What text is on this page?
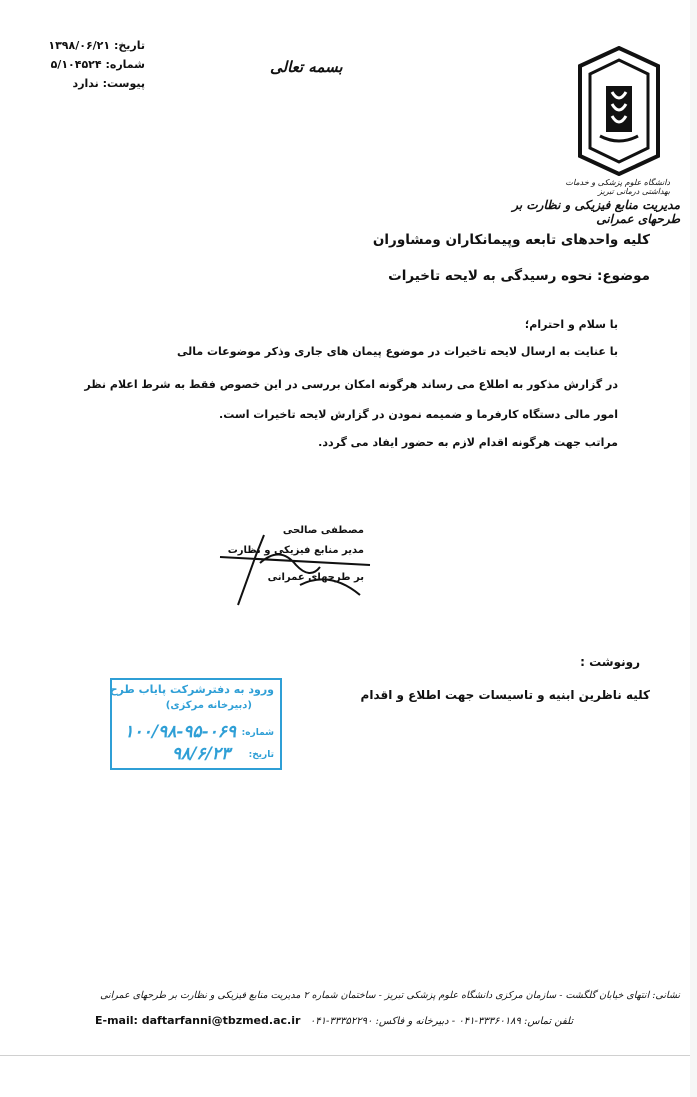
تاریخ: ۱۳۹۸/۰۶/۲۱
شماره: ۵/۱۰۴۵۲۴
پیوست: ندارد
بسمه تعالی
دانشگاه علوم پزشکی و خدمات بهداشتی درمانی تبریز
مدیریت منابع فیزیکی و نظارت بر طرحهای عمرانی
کلیه واحدهای تابعه وپیمانکاران ومشاوران
موضوع: نحوه رسیدگی به لایحه تاخیرات
با سلام و احترام؛
با عنایت به ارسال لایحه تاخیرات در موضوع پیمان های جاری وذکر موضوعات مالی
در گزارش مذکور به اطلاع می رساند هرگونه امکان بررسی در این خصوص فقط به شرط اعلام نظر
امور مالی دستگاه کارفرما و ضمیمه نمودن در گزارش لایحه تاخیرات است.
مراتب جهت هرگونه اقدام لازم به حضور ایفاد می گردد.
مصطفی صالحی
مدیر منابع فیزیکی و نظارت
بر طرحهای عمرانی
رونوشت :
کلیه ناظرین ابنیه و تاسیسات جهت اطلاع و اقدام
ورود به دفترشرکت پایاب طرح
(دبیرخانه مرکزی)
شماره:
۱۰۰/۹۸-۹۵-۰۶۹
تاریخ:
۹۸/۶/۲۳
نشانی: انتهای خیابان گلگشت - سازمان مرکزی دانشگاه علوم پزشکی تبریز - ساختمان شماره ۲ مدیریت منابع فیزیکی و نظارت بر طرحهای عمرانی
E-mail: daftarfanni@tbzmed.ac.ir تلفن تماس: ۳۳۳۶۰۱۸۹-۰۴۱ - دبیرخانه و فاکس: ۳۳۳۵۲۲۹۰-۰۴۱
